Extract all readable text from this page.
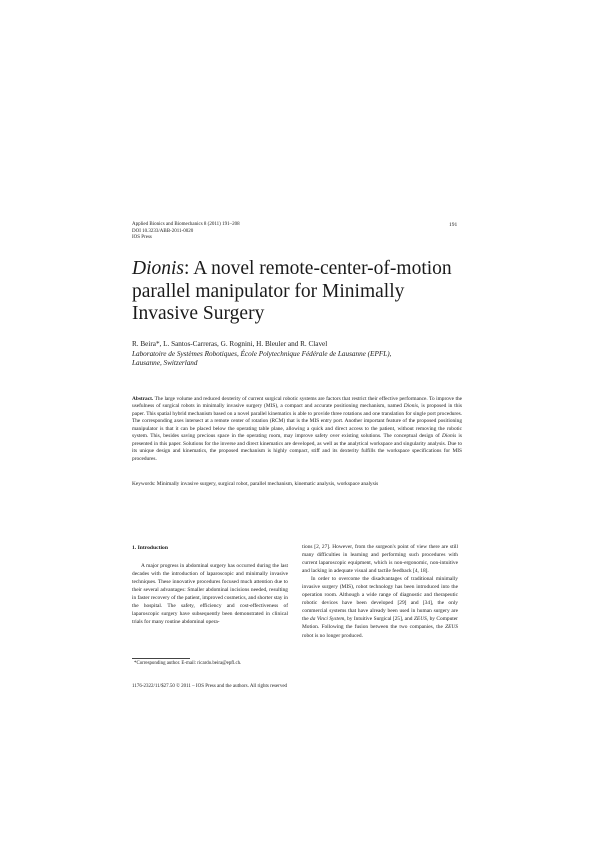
Applied Bionics and Biomechanics 8 (2011) 191–208
DOI 10.3233/ABB-2011-0020
IOS Press
191
Dionis: A novel remote-center-of-motion parallel manipulator for Minimally Invasive Surgery
R. Beira*, L. Santos-Carreras, G. Rognini, H. Bleuler and R. Clavel
Laboratoire de Systèmes Robotiques, École Polytechnique Fédérale de Lausanne (EPFL),
Lausanne, Switzerland
Abstract. The large volume and reduced dexterity of current surgical robotic systems are factors that restrict their effective performance. To improve the usefulness of surgical robots in minimally invasive surgery (MIS), a compact and accurate positioning mechanism, named Dionis, is proposed in this paper. This spatial hybrid mechanism based on a novel parallel kinematics is able to provide three rotations and one translation for single port procedures. The corresponding axes intersect at a remote center of rotation (RCM) that is the MIS entry port. Another important feature of the proposed positioning manipulator is that it can be placed below the operating table plane, allowing a quick and direct access to the patient, without removing the robotic system. This, besides saving precious space in the operating room, may improve safety over existing solutions. The conceptual design of Dionis is presented in this paper. Solutions for the inverse and direct kinematics are developed, as well as the analytical workspace and singularity analysis. Due to its unique design and kinematics, the proposed mechanism is highly compact, stiff and its dexterity fulfills the workspace specifications for MIS procedures.
Keywords: Minimally invasive surgery, surgical robot, parallel mechanism, kinematic analysis, workspace analysis

1. Introduction

A major progress in abdominal surgery has occurred during the last decades with the introduction of laparoscopic and minimally invasive techniques. These innovative procedures focused much attention due to their several advantages: Smaller abdominal incisions needed, resulting in faster recovery of the patient, improved cosmetics, and shorter stay in the hospital. The safety, efficiency and cost-effectiveness of laparoscopic surgery have subsequently been demonstrated in clinical trials for many routine abdominal opera-

tions [2, 27]. However, from the surgeon's point of view there are still many difficulties in learning and performing such procedures with current laparoscopic equipment, which is non-ergonomic, non-intuitive and lacking in adequate visual and tactile feedback [4, 18].

In order to overcome the disadvantages of traditional minimally invasive surgery (MIS), robot technology has been introduced into the operation room. Although a wide range of diagnostic and therapeutic robotic devices have been developed [29] and [34], the only commercial systems that have already been used in human surgery are the da Vinci System, by Intuitive Surgical [25], and ZEUS, by Computer Motion. Following the fusion between the two companies, the ZEUS robot is no longer produced.

*Corresponding author. E-mail: ricardo.beira@epfl.ch.
1176-2322/11/$27.50 © 2011 – IOS Press and the authors. All rights reserved
